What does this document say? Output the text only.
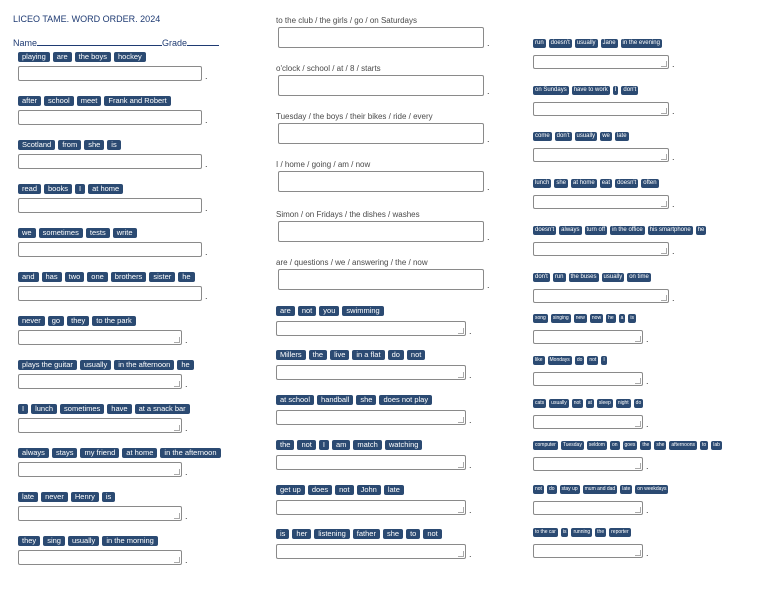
LICEO TAME. WORD ORDER. 2024
Name	Grade
playing are the boys hockey
.
after school meet Frank and Robert
.
Scotland from she is
.
read books I at home
.
we sometimes tests write
.
and has two one brothers sister he
.
never go they to the park
.
plays the guitar usually in the afternoon he
.
I lunch sometimes have at a snack bar
.
always stays my friend at home in the afternoon
.
late never Henry is
.
they sing usually in the morning
.
to the club / the girls / go / on Saturdays
.
o'clock / school / at / 8 / starts
.
Tuesday / the boys / their bikes / ride / every
.
I / home / going / am / now
.
Simon / on Fridays / the dishes / washes
.
are / questions / we / answering / the / now
.
are not you swimming
.
Millers the live in a flat do not
.
at school handball she does not play
.
the not I am match watching
.
get up does not John late
.
is her listening father she to not
.
run doesn't usually Jane in the evening
.
on Sundays have to work I don't
.
come don't usually we late
.
lunch she at home eat doesn't often
.
doesn't always turn off in the office his smartphone he
.
don't run the buses usually on time
.
song singing new now he a is
.
like Mondays do not I
.
cats usually not at sleep night do
.
computer Tuesday seldom on goes the she afternoons to lab
.
not do stay up mum and dad late on weekdays
.
to the car is running the reporter
.
